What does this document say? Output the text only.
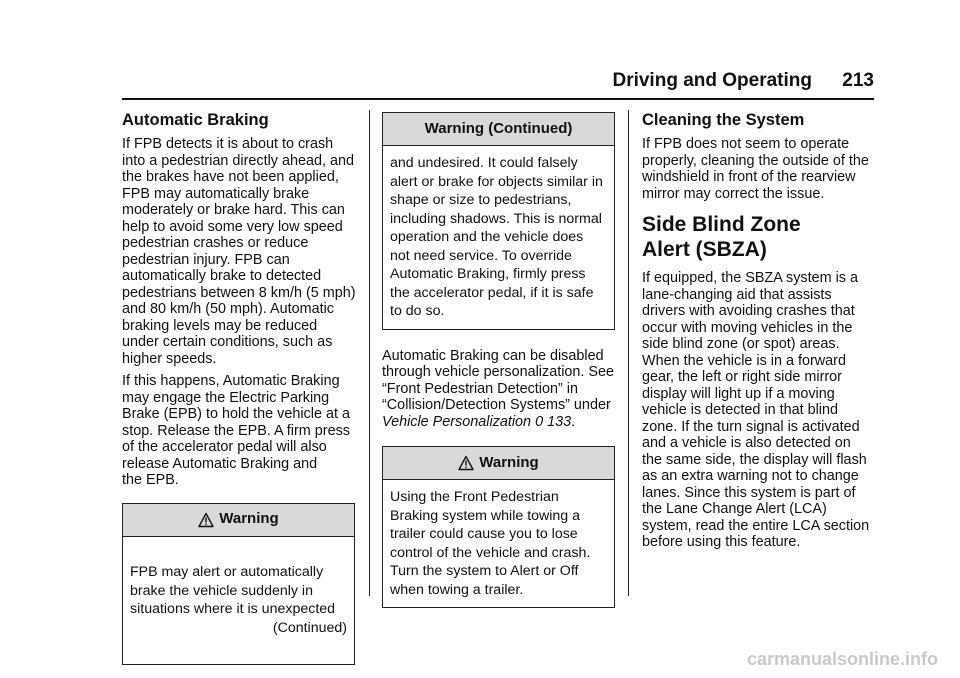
Driving and Operating 213
Automatic Braking

If FPB detects it is about to crash
into a pedestrian directly ahead, and
the brakes have not been applied,
FPB may automatically brake
moderately or brake hard. This can
help to avoid some very low speed
pedestrian crashes or reduce
pedestrian injury. FPB can
automatically brake to detected
pedestrians between 8 km/h (5 mph)
and 80 km/h (50 mph). Automatic
braking levels may be reduced
under certain conditions, such as
higher speeds.

If this happens, Automatic Braking
may engage the Electric Parking
Brake (EPB) to hold the vehicle at a
stop. Release the EPB. A firm press
of the accelerator pedal will also
release Automatic Braking and
the EPB.

Warning

FPB may alert or automatically
brake the vehicle suddenly in
situations where it is unexpected

(Continued)

Warning (Continued)
and undesired. It could falsely
alert or brake for objects similar in
shape or size to pedestrians,
including shadows. This is normal
operation and the vehicle does
not need service. To override
Automatic Braking, firmly press
the accelerator pedal, if it is safe
to do so.

Automatic Braking can be disabled
through vehicle personalization. See
“Front Pedestrian Detection” in
“Collision/Detection Systems” under
Vehicle Personalization 0 133.

Warning
Using the Front Pedestrian
Braking system while towing a
trailer could cause you to lose
control of the vehicle and crash.
Turn the system to Alert or Off
when towing a trailer.
Cleaning the System

If FPB does not seem to operate
properly, cleaning the outside of the
windshield in front of the rearview
mirror may correct the issue.

Side Blind Zone
Alert (SBZA)

If equipped, the SBZA system is a
lane-changing aid that assists
drivers with avoiding crashes that
occur with moving vehicles in the
side blind zone (or spot) areas.
When the vehicle is in a forward
gear, the left or right side mirror
display will light up if a moving
vehicle is detected in that blind
zone. If the turn signal is activated
and a vehicle is also detected on
the same side, the display will flash
as an extra warning not to change
lanes. Since this system is part of
the Lane Change Alert (LCA)
system, read the entire LCA section
before using this feature.

carmanualsonline.info
